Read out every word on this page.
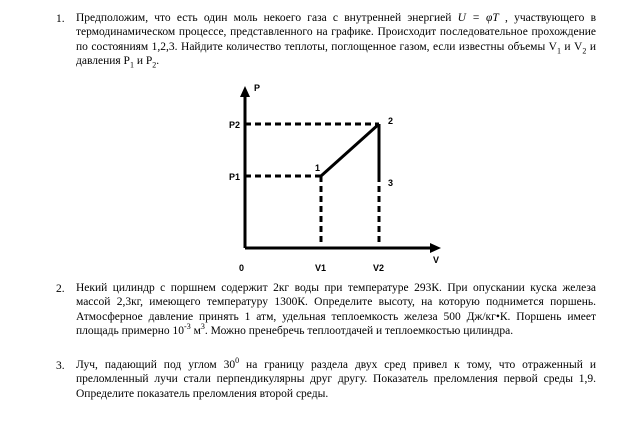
1. Предположим, что есть один моль некоего газа с внутренней энергией U = φT , участвующего в термодинамическом процессе, представленного на графике. Происходит последовательное прохождение по состояниям 1,2,3. Найдите количество теплоты, поглощенное газом, если известны объемы $V_1$ и $V_2$ и давления $P_1$ и $P_2$.
P
V
0
P2
P1
V1	V2
1
2
3
2. Некий цилиндр с поршнем содержит 2кг воды при температуре 293К. При опускании куска железа массой 2,3кг, имеющего температуру 1300К. Определите высоту, на которую поднимется поршень. Атмосферное давление принять 1 атм, удельная теплоемкость железа 500 Дж/кг•К. Поршень имеет площадь примерно $10^{-3}$ $м^3$. Можно пренебречь теплоотдачей и теплоемкостью цилиндра.
3. Луч, падающий под углом $30^0$ на границу раздела двух сред привел к тому, что отраженный и преломленный лучи стали перпендикулярны друг другу. Показатель преломления первой среды 1,9. Определите показатель преломления второй среды.
